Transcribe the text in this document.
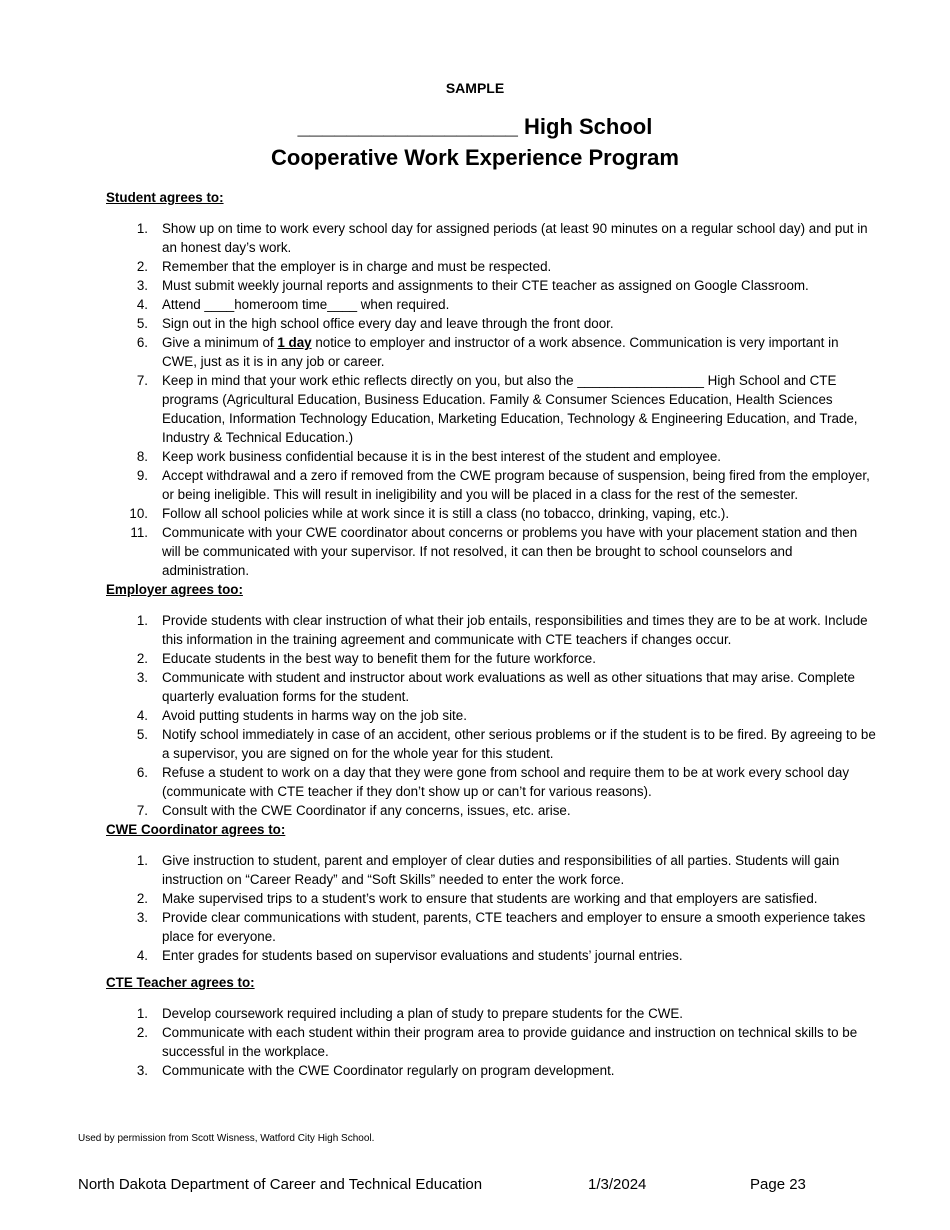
SAMPLE
__________________ High School
Cooperative Work Experience Program

Student agrees to:

1. Show up on time to work every school day for assigned periods (at least 90 minutes on a regular school day) and put in an honest day’s work.
2. Remember that the employer is in charge and must be respected.
3. Must submit weekly journal reports and assignments to their CTE teacher as assigned on Google Classroom.
4. Attend ____homeroom time____ when required.
5. Sign out in the high school office every day and leave through the front door.
6. Give a minimum of 1 day notice to employer and instructor of a work absence. Communication is very important in CWE, just as it is in any job or career.
7. Keep in mind that your work ethic reflects directly on you, but also the _________________ High School and CTE programs (Agricultural Education, Business Education. Family & Consumer Sciences Education, Health Sciences Education, Information Technology Education, Marketing Education, Technology & Engineering Education, and Trade, Industry & Technical Education.)
8. Keep work business confidential because it is in the best interest of the student and employee.
9. Accept withdrawal and a zero if removed from the CWE program because of suspension, being fired from the employer, or being ineligible. This will result in ineligibility and you will be placed in a class for the rest of the semester.
10. Follow all school policies while at work since it is still a class (no tobacco, drinking, vaping, etc.).
11. Communicate with your CWE coordinator about concerns or problems you have with your placement station and then will be communicated with your supervisor. If not resolved, it can then be brought to school counselors and administration.

Employer agrees too:

1. Provide students with clear instruction of what their job entails, responsibilities and times they are to be at work. Include this information in the training agreement and communicate with CTE teachers if changes occur.
2. Educate students in the best way to benefit them for the future workforce.
3. Communicate with student and instructor about work evaluations as well as other situations that may arise. Complete quarterly evaluation forms for the student.
4. Avoid putting students in harms way on the job site.
5. Notify school immediately in case of an accident, other serious problems or if the student is to be fired. By agreeing to be a supervisor, you are signed on for the whole year for this student.
6. Refuse a student to work on a day that they were gone from school and require them to be at work every school day (communicate with CTE teacher if they don’t show up or can’t for various reasons).
7. Consult with the CWE Coordinator if any concerns, issues, etc. arise.

CWE Coordinator agrees to:

1. Give instruction to student, parent and employer of clear duties and responsibilities of all parties. Students will gain instruction on “Career Ready” and “Soft Skills” needed to enter the work force.
2. Make supervised trips to a student’s work to ensure that students are working and that employers are satisfied.
3. Provide clear communications with student, parents, CTE teachers and employer to ensure a smooth experience takes place for everyone.
4. Enter grades for students based on supervisor evaluations and students’ journal entries.

CTE Teacher agrees to:

1. Develop coursework required including a plan of study to prepare students for the CWE.
2. Communicate with each student within their program area to provide guidance and instruction on technical skills to be successful in the workplace.
3. Communicate with the CWE Coordinator regularly on program development.
Used by permission from Scott Wisness, Watford City High School.
North Dakota Department of Career and Technical Education	1/3/2024	Page 23
